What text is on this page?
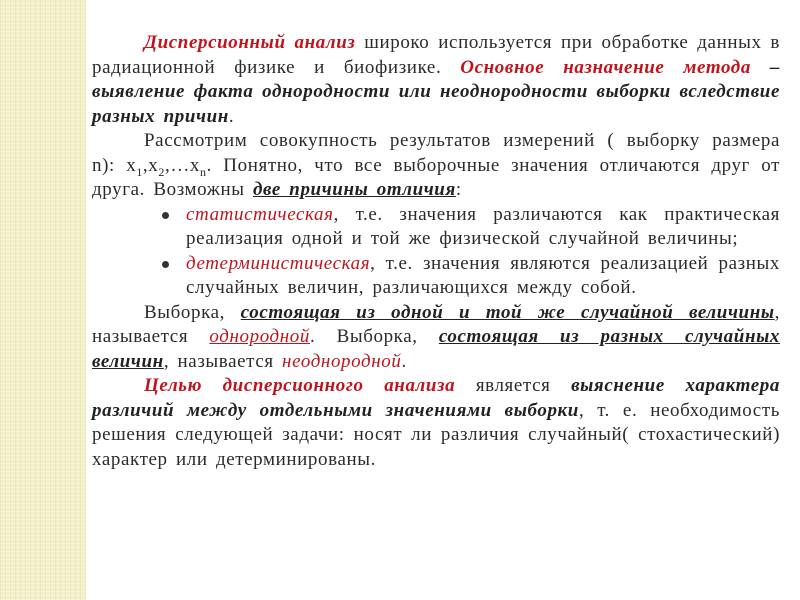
Дисперсионный анализ широко используется при обработке данных в радиационной физике и биофизике. Основное назначение метода – выявление факта однородности или неоднородности выборки вследствие разных причин.

Рассмотрим совокупность результатов измерений ( выборку размера n): $x_1,x_2,\dots x_n$. Понятно, что все выборочные значения отличаются друг от друга. Возможны две причины отличия:

статистическая, т.е. значения различаются как практическая реализация одной и той же физической случайной величины;
детерминистическая, т.е. значения являются реализацией разных случайных величин, различающихся между собой.

Выборка, состоящая из одной и той же случайной величины, называется однородной. Выборка, состоящая из разных случайных величин, называется неоднородной.

Целью дисперсионного анализа является выяснение характера различий между отдельными значениями выборки, т. е. необходимость решения следующей задачи: носят ли различия случайный( стохастический) характер или детерминированы.
